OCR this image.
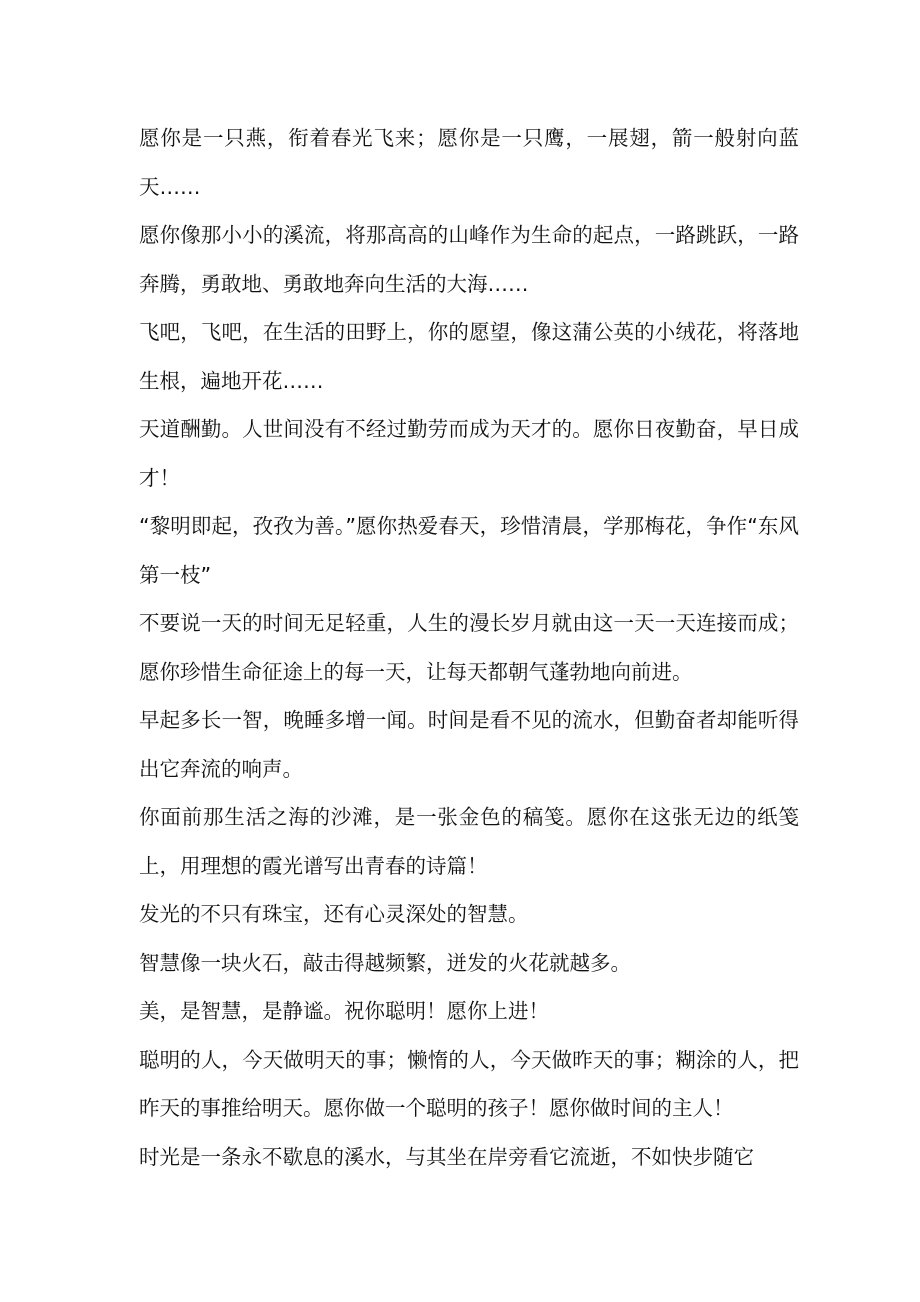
愿你是一只燕，衔着春光飞来；愿你是一只鹰，一展翅，箭一般射向蓝天……

愿你像那小小的溪流，将那高高的山峰作为生命的起点，一路跳跃，一路奔腾，勇敢地、勇敢地奔向生活的大海……

飞吧，飞吧，在生活的田野上，你的愿望，像这蒲公英的小绒花，将落地生根，遍地开花……

天道酬勤。人世间没有不经过勤劳而成为天才的。愿你日夜勤奋，早日成才！

“黎明即起，孜孜为善。”愿你热爱春天，珍惜清晨，学那梅花，争作“东风第一枝”

不要说一天的时间无足轻重，人生的漫长岁月就由这一天一天连接而成；愿你珍惜生命征途上的每一天，让每天都朝气蓬勃地向前进。

早起多长一智，晚睡多增一闻。时间是看不见的流水，但勤奋者却能听得出它奔流的响声。

你面前那生活之海的沙滩，是一张金色的稿笺。愿你在这张无边的纸笺上，用理想的霞光谱写出青春的诗篇！

发光的不只有珠宝，还有心灵深处的智慧。

智慧像一块火石，敲击得越频繁，迸发的火花就越多。

美，是智慧，是静谧。祝你聪明！愿你上进！

聪明的人，今天做明天的事；懒惰的人，今天做昨天的事；糊涂的人，把昨天的事推给明天。愿你做一个聪明的孩子！愿你做时间的主人！

时光是一条永不歇息的溪水，与其坐在岸旁看它流逝，不如快步随它
